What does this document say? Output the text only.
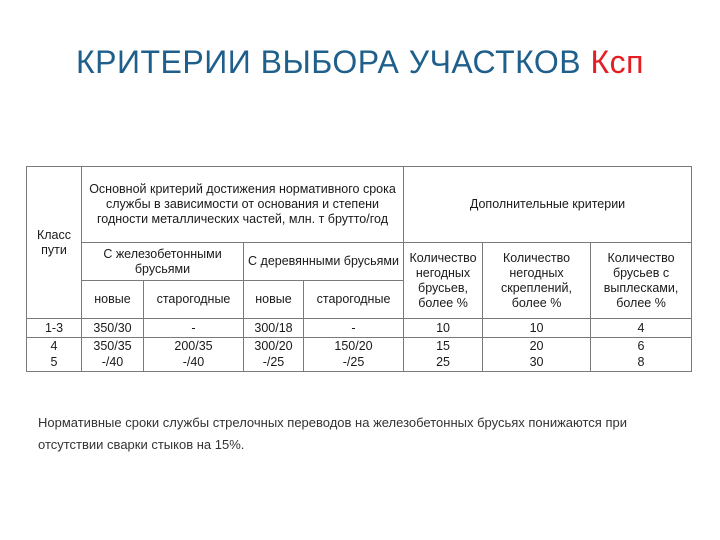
КРИТЕРИИ ВЫБОРА УЧАСТКОВ Ксп
Класс пути	Основной критерий достижения нормативного срока службы в зависимости от основания и степени годности металлических частей, млн. т брутто/год				Дополнительные критерии		
	С железобетонными брусьями		С деревянными брусьями		Количество негодных брусьев, более %	Количество негодных скреплений, более %	Количество брусьев с выплесками, более %
	новые	старогодные	новые	старогодные			
1-3	350/30	-	300/18	-	10	10	4
4	350/35	200/35	300/20	150/20	15	20	6
5	-/40	-/40	-/25	-/25	25	30	8
Нормативные сроки службы стрелочных переводов на железобетонных брусьях понижаются при отсутствии сварки стыков на 15%.
